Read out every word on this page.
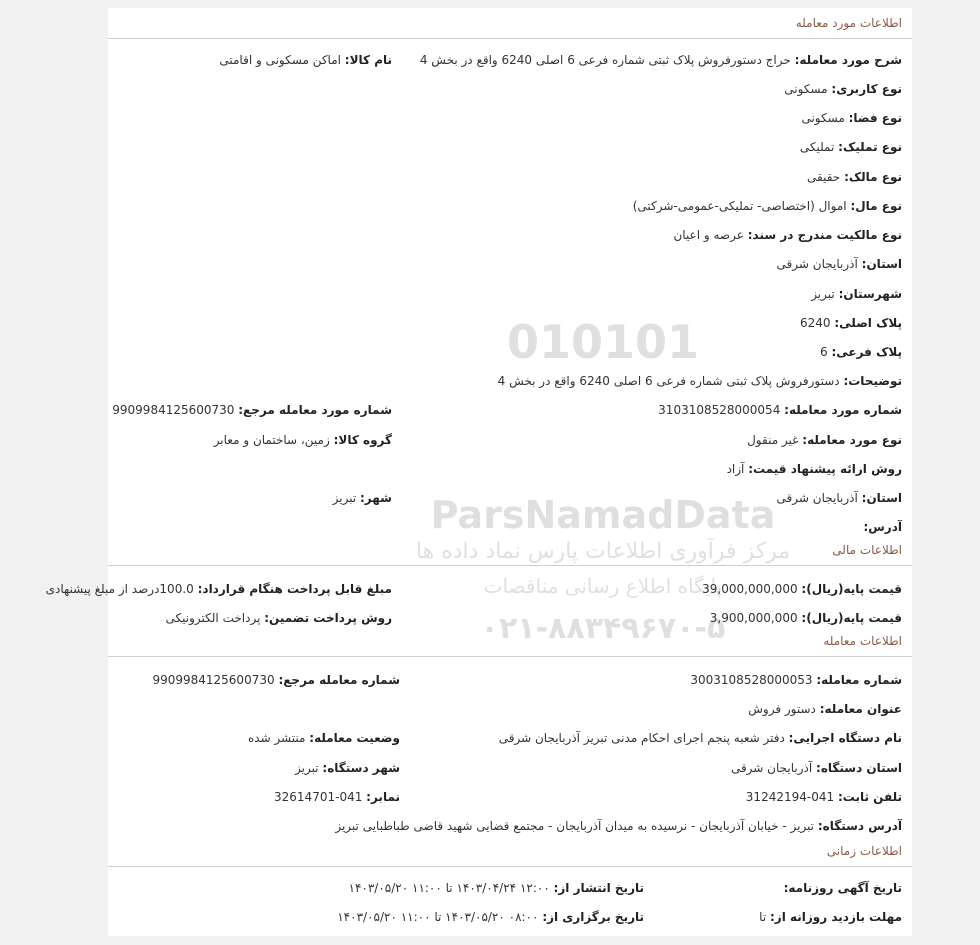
010101
ParsNamadData
مرکز فرآوری اطلاعات پارس نماد داده ها
پایگاه اطلاع رسانی مناقصات
۰۲۱-۸۸۳۴۹۶۷۰-۵
اطلاعات مورد معامله
شرح مورد معامله: حراج دستورفروش پلاک ثبتی شماره فرعی 6 اصلی 6240 واقع در بخش 4
نام کالا: اماکن مسکونی و اقامتی
نوع کاربری: مسکونی
نوع فضا: مسکونی
نوع تملیک: تملیکی
نوع مالک: حقیقی
نوع مال: اموال (اختصاصی- تملیکی-عمومی-شرکتی)
نوع مالکیت مندرج در سند: عرصه و اعیان
استان: آذربایجان شرقی
شهرستان: تبریز
پلاک اصلی: 6240
پلاک فرعی: 6
توضیحات: دستورفروش پلاک ثبتی شماره فرعی 6 اصلی 6240 واقع در بخش 4
شماره مورد معامله: 3103108528000054
شماره مورد معامله مرجع: 9909984125600730
نوع مورد معامله: غیر منقول
گروه کالا: زمین، ساختمان و معابر
روش ارائه پیشنهاد قیمت: آزاد
استان: آذربایجان شرقی
شهر: تبریز
آدرس:
اطلاعات مالی
قیمت پایه(ریال): 39,000,000,000
مبلغ قابل پرداخت هنگام قرارداد: 100.0درصد از مبلغ پیشنهادی
قیمت پایه(ریال): 3,900,000,000
روش پرداخت تضمین: پرداخت الکترونیکی
اطلاعات معامله
شماره معامله: 3003108528000053
شماره معامله مرجع: 9909984125600730
عنوان معامله: دستور فروش
نام دستگاه اجرایی: دفتر شعبه پنجم اجرای احکام مدنی تبریز آذربایجان شرقی
وضعیت معامله: منتشر شده
استان دستگاه: آذربایجان شرقی
شهر دستگاه: تبریز
تلفن ثابت: 041-31242194
نمابر: 041-32614701
آدرس دستگاه: تبریز - خیابان آذربایجان - نرسیده به میدان آذربایجان - مجتمع قضایی شهید قاضی طباطبایی تبریز
اطلاعات زمانی
تاریخ آگهی روزنامه:
تاریخ انتشار از: ۱۲:۰۰ ۱۴۰۳/۰۴/۲۴ تا ۱۱:۰۰ ۱۴۰۳/۰۵/۲۰
مهلت بازدید روزانه از: تا
تاریخ برگزاری از: ۰۸:۰۰ ۱۴۰۳/۰۵/۲۰ تا ۱۱:۰۰ ۱۴۰۳/۰۵/۲۰
